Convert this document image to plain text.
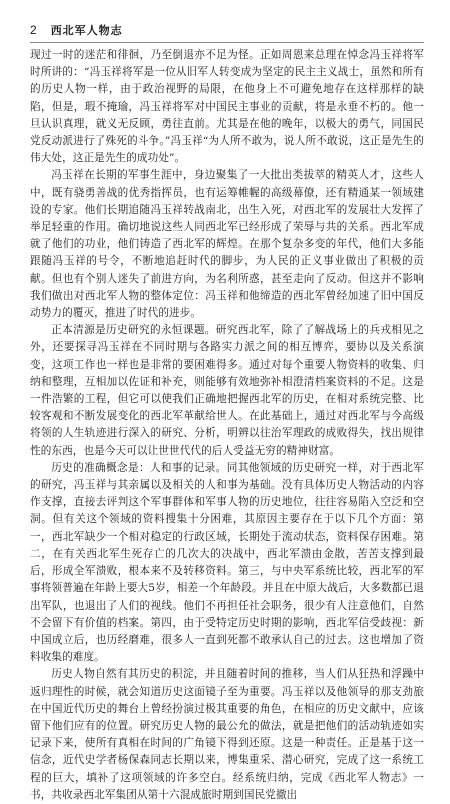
2 西北军人物志

现过一时的迷茫和徘徊，乃至倒退亦不足为怪。正如周恩来总理在悼念冯玉祥将军时所讲的：“冯玉祥将军是一位从旧军人转变成为坚定的民主主义战士，虽然和所有的历史人物一样，由于政治视野的局限，在他身上不可避免地存在这样那样的缺陷，但是，瑕不掩瑜，冯玉祥将军对中国民主事业的贡献，将是永垂不朽的。他一旦认识真理，就义无反顾，勇往直前。尤其是在他的晚年，以极大的勇气，同国民党反动派进行了殊死的斗争。”冯玉祥“为人所不敢为，说人所不敢说，这正是先生的伟大处，这正是先生的成功处”。

冯玉祥在长期的军事生涯中，身边聚集了一大批出类拔萃的精英人才，这些人中，既有骁勇善战的优秀指挥员，也有运筹帷幄的高级幕僚，还有精通某一领域建设的专家。他们长期追随冯玉祥转战南北，出生入死，对西北军的发展壮大发挥了举足轻重的作用。确切地说这些人同西北军已经形成了荣辱与共的关系。西北军成就了他们的功业，他们铸造了西北军的辉煌。在那个复杂多变的年代，他们大多能跟随冯玉祥的号令，不断地追赶时代的脚步，为人民的正义事业做出了积极的贡献。但也有个别人迷失了前进方向，为名利所惑，甚至走向了反动。但这并不影响我们做出对西北军人物的整体定位：冯玉祥和他缔造的西北军曾经加速了旧中国反动势力的覆灭，推进了时代的进步。

正本清源是历史研究的永恒课题。研究西北军，除了了解战场上的兵戎相见之外，还要探寻冯玉祥在不同时期与各路实力派之间的相互博弈，要协以及关系演变，这项工作也一样也是非常的要困难得多。通过对每个重要人物资料的收集、归纳和整理，互相加以佐证和补充，则能够有效地弥补相澄清档案资料的不足。这是一件浩繁的工程，但它可以使我们正确地把握西北军的历史，在相对系统完整、比较客观和不断发展变化的西北军革献给世人。在此基础上，通过对西北军与今高级将领的人生轨迹进行深入的研究、分析，明辨以往治军理政的成败得失，找出规律性的东西，也是今天可以让世世代代的后人受益无穷的精神财富。

历史的准确概念是：人和事的记录。同其他领域的历史研究一样，对于西北军的研究，冯玉祥与其亲属以及相关的人和事为基础。没有具体历史人物活动的内容作支撑，直接去评判这个军事群体和军事人物的历史地位，往往容易陷入空泛和空洞。但有关这个领域的资料搜集十分困难，其原因主要存在于以下几个方面：第一，西北军缺少一个相对稳定的行政区域，长期处于流动状态，资料保存困难。第二，在有关西北军生死存亡的几次大的决战中，西北军溃由金散，苦苦支撑到最后，形成全军溃败，根本来不及转移资料。第三，与中央军系统比较，西北军的军事将领普遍在年龄上要大5岁，相差一个年龄段。并且在中原大战后，大多数都已退出军队，也退出了人们的视线。他们不再担任社会职务，很少有人注意他们，自然不会留下有价值的档案。第四，由于受特定历史时期的影响，西北军信受歧视：新中国成立后，也历经磨难，很多人一直到死都不敢承认自己的过去。这也增加了资料收集的难度。

历史人物自然有其历史的积淀，并且随着时间的推移，当人们从狂热和浮躁中返归理性的时候，就会知道历史这面镜子至为重要。冯玉祥以及他领导的那支劲旅在中国近代历史的舞台上曾经扮演过极其重要的角色，在相应的历史文献中，应该留下他们应有的位置。研究历史人物的最公允的做法，就是把他们的活动轨迹如实记录下来，使所有真相在时间的广角镜下得到还原。这是一种责任。正是基于这一信念，近代史学者杨保森同志长期以来，博集重采、潜心研究，完成了这一系统工程的巨大，填补了这项领域的许多空白。经系统归纳，完成《西北军人物志》一书，共收录西北军集团从第十六混成旅时期到国民党撤出
